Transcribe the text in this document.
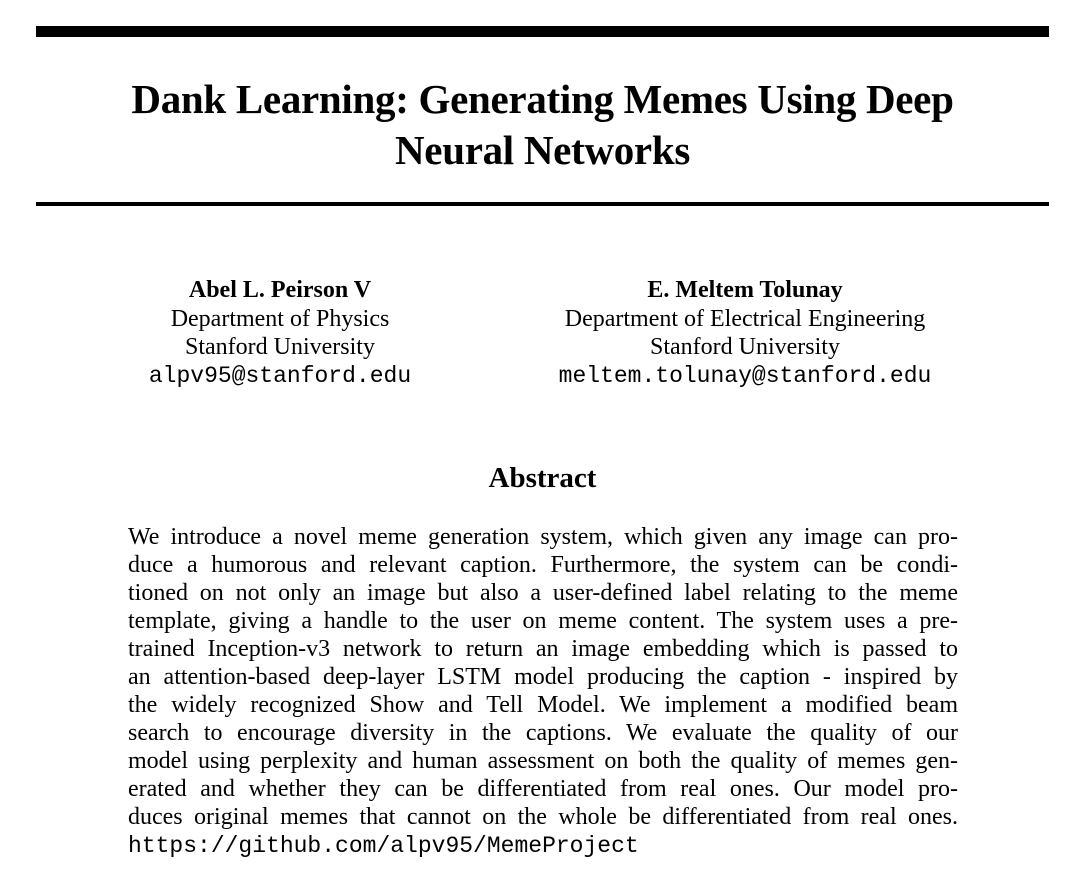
Dank Learning: Generating Memes Using Deep
Neural Networks
Abel L. Peirson V
Department of Physics
Stanford University
alpv95@stanford.edu
E. Meltem Tolunay
Department of Electrical Engineering
Stanford University
meltem.tolunay@stanford.edu
Abstract
We introduce a novel meme generation system, which given any image can pro-
duce a humorous and relevant caption. Furthermore, the system can be condi-
tioned on not only an image but also a user-defined label relating to the meme
template, giving a handle to the user on meme content. The system uses a pre-
trained Inception-v3 network to return an image embedding which is passed to
an attention-based deep-layer LSTM model producing the caption - inspired by
the widely recognized Show and Tell Model. We implement a modified beam
search to encourage diversity in the captions. We evaluate the quality of our
model using perplexity and human assessment on both the quality of memes gen-
erated and whether they can be differentiated from real ones. Our model pro-
duces original memes that cannot on the whole be differentiated from real ones.
https://github.com/alpv95/MemeProject
